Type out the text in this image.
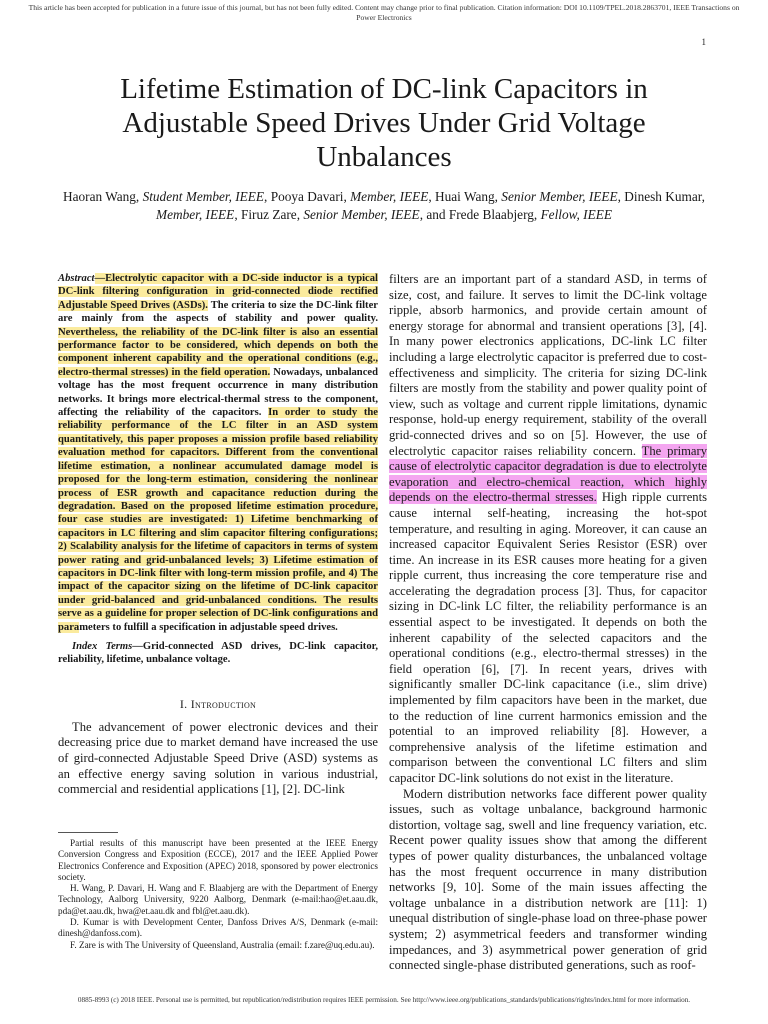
This article has been accepted for publication in a future issue of this journal, but has not been fully edited. Content may change prior to final publication. Citation information: DOI 10.1109/TPEL.2018.2863701, IEEE Transactions on Power Electronics
1
Lifetime Estimation of DC-link Capacitors in Adjustable Speed Drives Under Grid Voltage Unbalances
Haoran Wang, Student Member, IEEE, Pooya Davari, Member, IEEE, Huai Wang, Senior Member, IEEE, Dinesh Kumar, Member, IEEE, Firuz Zare, Senior Member, IEEE, and Frede Blaabjerg, Fellow, IEEE

Abstract—Electrolytic capacitor with a DC-side inductor is a typical DC-link filtering configuration in grid-connected diode rectified Adjustable Speed Drives (ASDs). The criteria to size the DC-link filter are mainly from the aspects of stability and power quality. Nevertheless, the reliability of the DC-link filter is also an essential performance factor to be considered, which depends on both the component inherent capability and the operational conditions (e.g., electro-thermal stresses) in the field operation. Nowadays, unbalanced voltage has the most frequent occurrence in many distribution networks. It brings more electrical-thermal stress to the component, affecting the reliability of the capacitors. In order to study the reliability performance of the LC filter in an ASD system quantitatively, this paper proposes a mission profile based reliability evaluation method for capacitors. Different from the conventional lifetime estimation, a nonlinear accumulated damage model is proposed for the long-term estimation, considering the nonlinear process of ESR growth and capacitance reduction during the degradation. Based on the proposed lifetime estimation procedure, four case studies are investigated: 1) Lifetime benchmarking of capacitors in LC filtering and slim capacitor filtering configurations; 2) Scalability analysis for the lifetime of capacitors in terms of system power rating and grid-unbalanced levels; 3) Lifetime estimation of capacitors in DC-link filter with long-term mission profile, and 4) The impact of the capacitor sizing on the lifetime of DC-link capacitor under grid-balanced and grid-unbalanced conditions. The results serve as a guideline for proper selection of DC-link configurations and parameters to fulfill a specification in adjustable speed drives.

Index Terms—Grid-connected ASD drives, DC-link capacitor, reliability, lifetime, unbalance voltage.

I. Introduction

The advancement of power electronic devices and their decreasing price due to market demand have increased the use of gird-connected Adjustable Speed Drive (ASD) systems as an effective energy saving solution in various industrial, commercial and residential applications [1], [2]. DC-link

Partial results of this manuscript have been presented at the IEEE Energy Conversion Congress and Exposition (ECCE), 2017 and the IEEE Applied Power Electronics Conference and Exposition (APEC) 2018, sponsored by power electronics society.

H. Wang, P. Davari, H. Wang and F. Blaabjerg are with the Department of Energy Technology, Aalborg University, 9220 Aalborg, Denmark (e-mail:hao@et.aau.dk, pda@et.aau.dk, hwa@et.aau.dk and fbl@et.aau.dk).

D. Kumar is with Development Center, Danfoss Drives A/S, Denmark (e-mail: dinesh@danfoss.com).

F. Zare is with The University of Queensland, Australia (email: f.zare@uq.edu.au).

filters are an important part of a standard ASD, in terms of size, cost, and failure. It serves to limit the DC-link voltage ripple, absorb harmonics, and provide certain amount of energy storage for abnormal and transient operations [3], [4]. In many power electronics applications, DC-link LC filter including a large electrolytic capacitor is preferred due to cost-effectiveness and simplicity. The criteria for sizing DC-link filters are mostly from the stability and power quality point of view, such as voltage and current ripple limitations, dynamic response, hold-up energy requirement, stability of the overall grid-connected drives and so on [5]. However, the use of electrolytic capacitor raises reliability concern. The primary cause of electrolytic capacitor degradation is due to electrolyte evaporation and electro-chemical reaction, which highly depends on the electro-thermal stresses. High ripple currents cause internal self-heating, increasing the hot-spot temperature, and resulting in aging. Moreover, it can cause an increased capacitor Equivalent Series Resistor (ESR) over time. An increase in its ESR causes more heating for a given ripple current, thus increasing the core temperature rise and accelerating the degradation process [3]. Thus, for capacitor sizing in DC-link LC filter, the reliability performance is an essential aspect to be investigated. It depends on both the inherent capability of the selected capacitors and the operational conditions (e.g., electro-thermal stresses) in the field operation [6], [7]. In recent years, drives with significantly smaller DC-link capacitance (i.e., slim drive) implemented by film capacitors have been in the market, due to the reduction of line current harmonics emission and the potential to an improved reliability [8]. However, a comprehensive analysis of the lifetime estimation and comparison between the conventional LC filters and slim capacitor DC-link solutions do not exist in the literature.

Modern distribution networks face different power quality issues, such as voltage unbalance, background harmonic distortion, voltage sag, swell and line frequency variation, etc. Recent power quality issues show that among the different types of power quality disturbances, the unbalanced voltage has the most frequent occurrence in many distribution networks [9, 10]. Some of the main issues affecting the voltage unbalance in a distribution network are [11]: 1) unequal distribution of single-phase load on three-phase power system; 2) asymmetrical feeders and transformer winding impedances, and 3) asymmetrical power generation of grid connected single-phase distributed generations, such as roof-

0885-8993 (c) 2018 IEEE. Personal use is permitted, but republication/redistribution requires IEEE permission. See http://www.ieee.org/publications_standards/publications/rights/index.html for more information.
